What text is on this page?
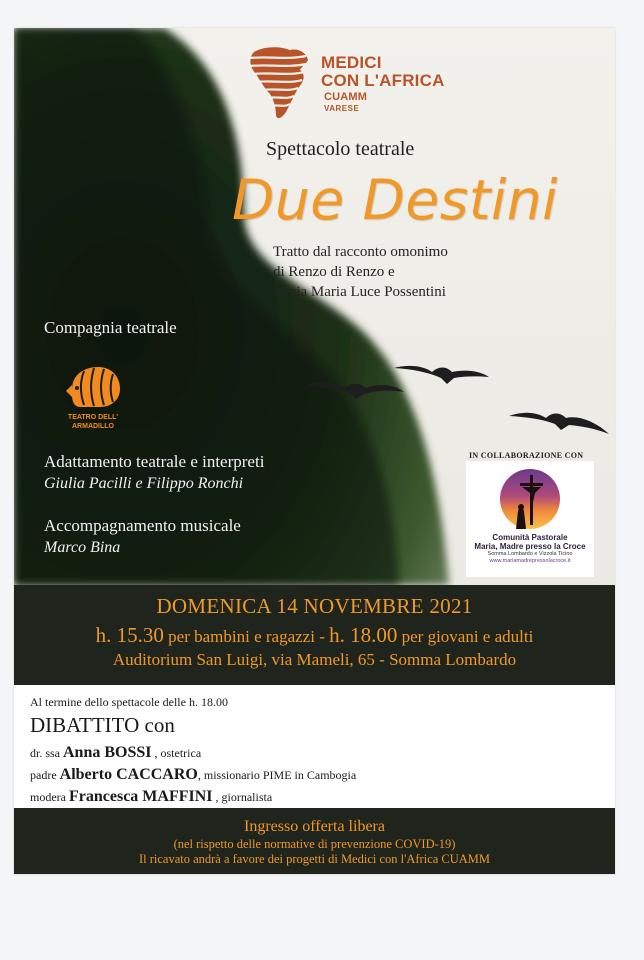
MEDICI
CON L'AFRICA
CUAMM
VARESE
Spettacolo teatrale
Due Destini
Tratto dal racconto omonimo
di Renzo di Renzo e
Sonia Maria Luce Possentini
Compagnia teatrale
TEATRO DELL'
ARMADILLO
Adattamento teatrale e interpreti
Giulia Pacilli e Filippo Ronchi
Accompagnamento musicale
Marco Bina
IN COLLABORAZIONE CON
Comunità Pastorale
Maria, Madre presso la Croce
Somma Lombardo e Vizzola Ticino
www.mariamadrepressolacroce.it
DOMENICA 14 NOVEMBRE 2021
h. 15.30 per bambini e ragazzi - h. 18.00 per giovani e adulti
Auditorium San Luigi, via Mameli, 65 - Somma Lombardo
Al termine dello spettacole delle h. 18.00
DIBATTITO con
dr. ssa Anna BOSSI , ostetrica
padre Alberto CACCARO, missionario PIME in Cambogia
modera Francesca MAFFINI , giornalista
Ingresso offerta libera
(nel rispetto delle normative di prevenzione COVID-19)
Il ricavato andrà a favore dei progetti di Medici con l'Africa CUAMM
